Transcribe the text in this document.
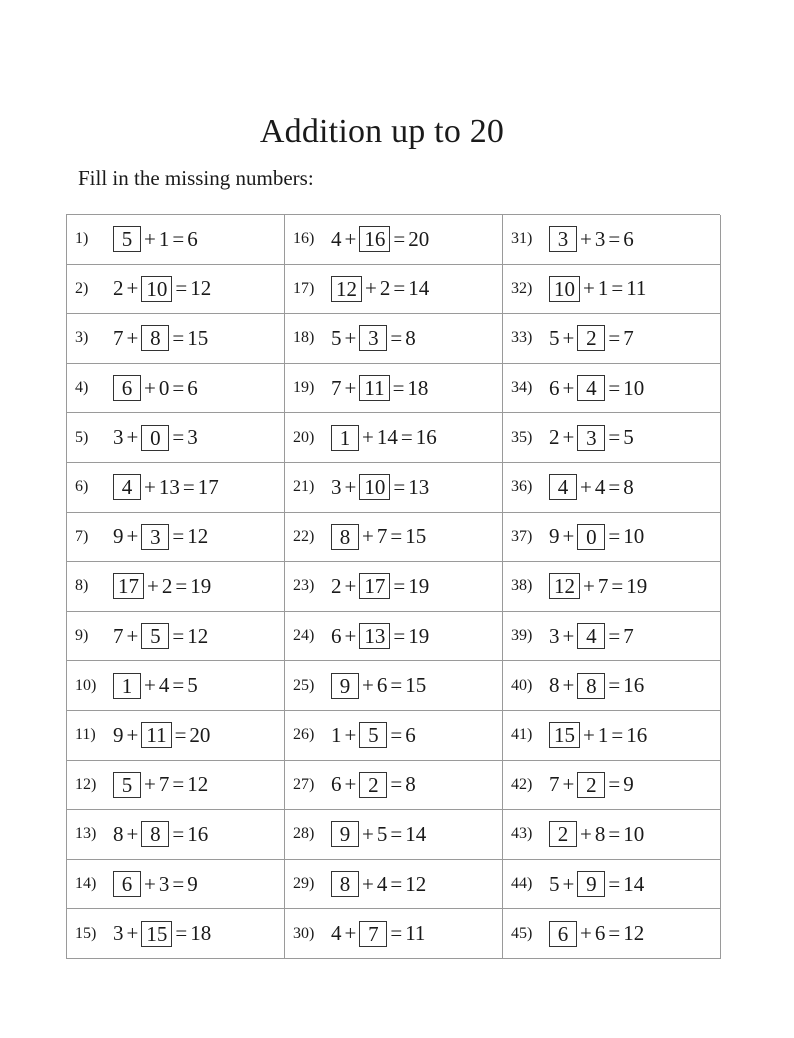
Addition up to 20
Fill in the missing numbers:
1)	5 + 1 = 6	16) 4 + 16 = 20	31)	3 + 3 = 6
2)	2 + 10 = 12	17)	12 + 2 = 14	32)	10 + 1 = 11
3)	7 + 8 = 15	18) 5 + 3 = 8	33) 5 + 2 = 7
4)	6 + 0 = 6	19) 7 + 11 = 18	34) 6 + 4 = 10
5)	3 + 0 = 3	20)	1 + 14 = 16	35) 2 + 3 = 5
6)	4 + 13 = 17	21) 3 + 10 = 13	36)	4 + 4 = 8
7)	9 + 3 = 12	22)	8 + 7 = 15	37) 9 + 0 = 10
8)	17 + 2 = 19	23) 2 + 17 = 19	38)	12 + 7 = 19
9)	7 + 5 = 12	24) 6 + 13 = 19	39) 3 + 4 = 7
10)	1 + 4 = 5	25)	9 + 6 = 15	40) 8 + 8 = 16
11) 9 + 11 = 20	26) 1 + 5 = 6	41)	15 + 1 = 16
12)	5 + 7 = 12	27) 6 + 2 = 8	42) 7 + 2 = 9
13) 8 + 8 = 16	28)	9 + 5 = 14	43)	2 + 8 = 10
14)	6 + 3 = 9	29)	8 + 4 = 12	44) 5 + 9 = 14
15) 3 + 15 = 18	30) 4 + 7 = 11	45)	6 + 6 = 12
